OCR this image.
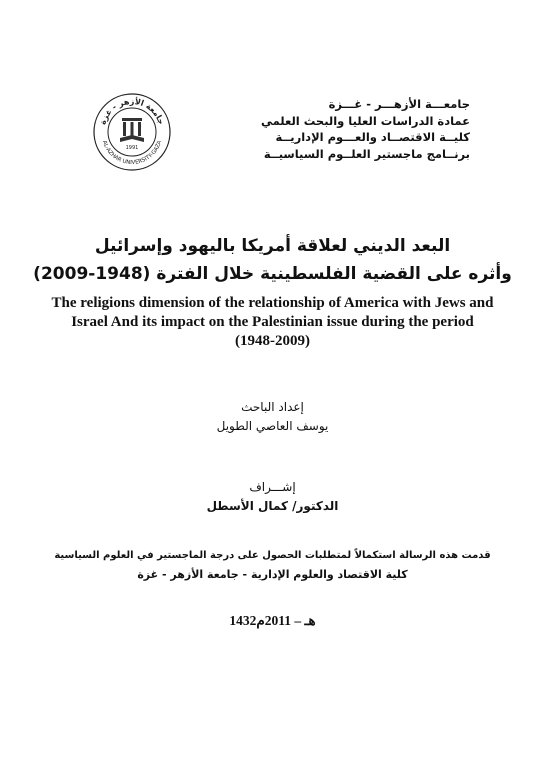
جامعة الأزهر - غزة
AL-AZHAR UNIVERSITY-GAZA
1991
جامعـــة الأزهـــر - غـــزة
عمادة الدراسات العليا والبحث العلمي
كليــة الاقتصــاد والعـــوم الإداريــة
برنــامج ماجستير العلــوم السياسيــة
البعد الديني لعلاقة أمريكا باليهود وإسرائيل
وأثره على القضية الفلسطينية خلال الفترة (1948-2009)
The religions dimension of the relationship of America with Jews and Israel And its impact on the Palestinian issue during the period (1948-2009)
إعداد الباحث
يوسف العاصي الطويل
إشـــراف
الدكتور/ كمال الأسطل
قدمت هذه الرسالة استكمالاً لمتطلبات الحصول على درجة الماجستير في العلوم السياسية
كلية الاقتصاد والعلوم الإدارية - جامعة الأزهر - غزة
1432هـ – 2011م
